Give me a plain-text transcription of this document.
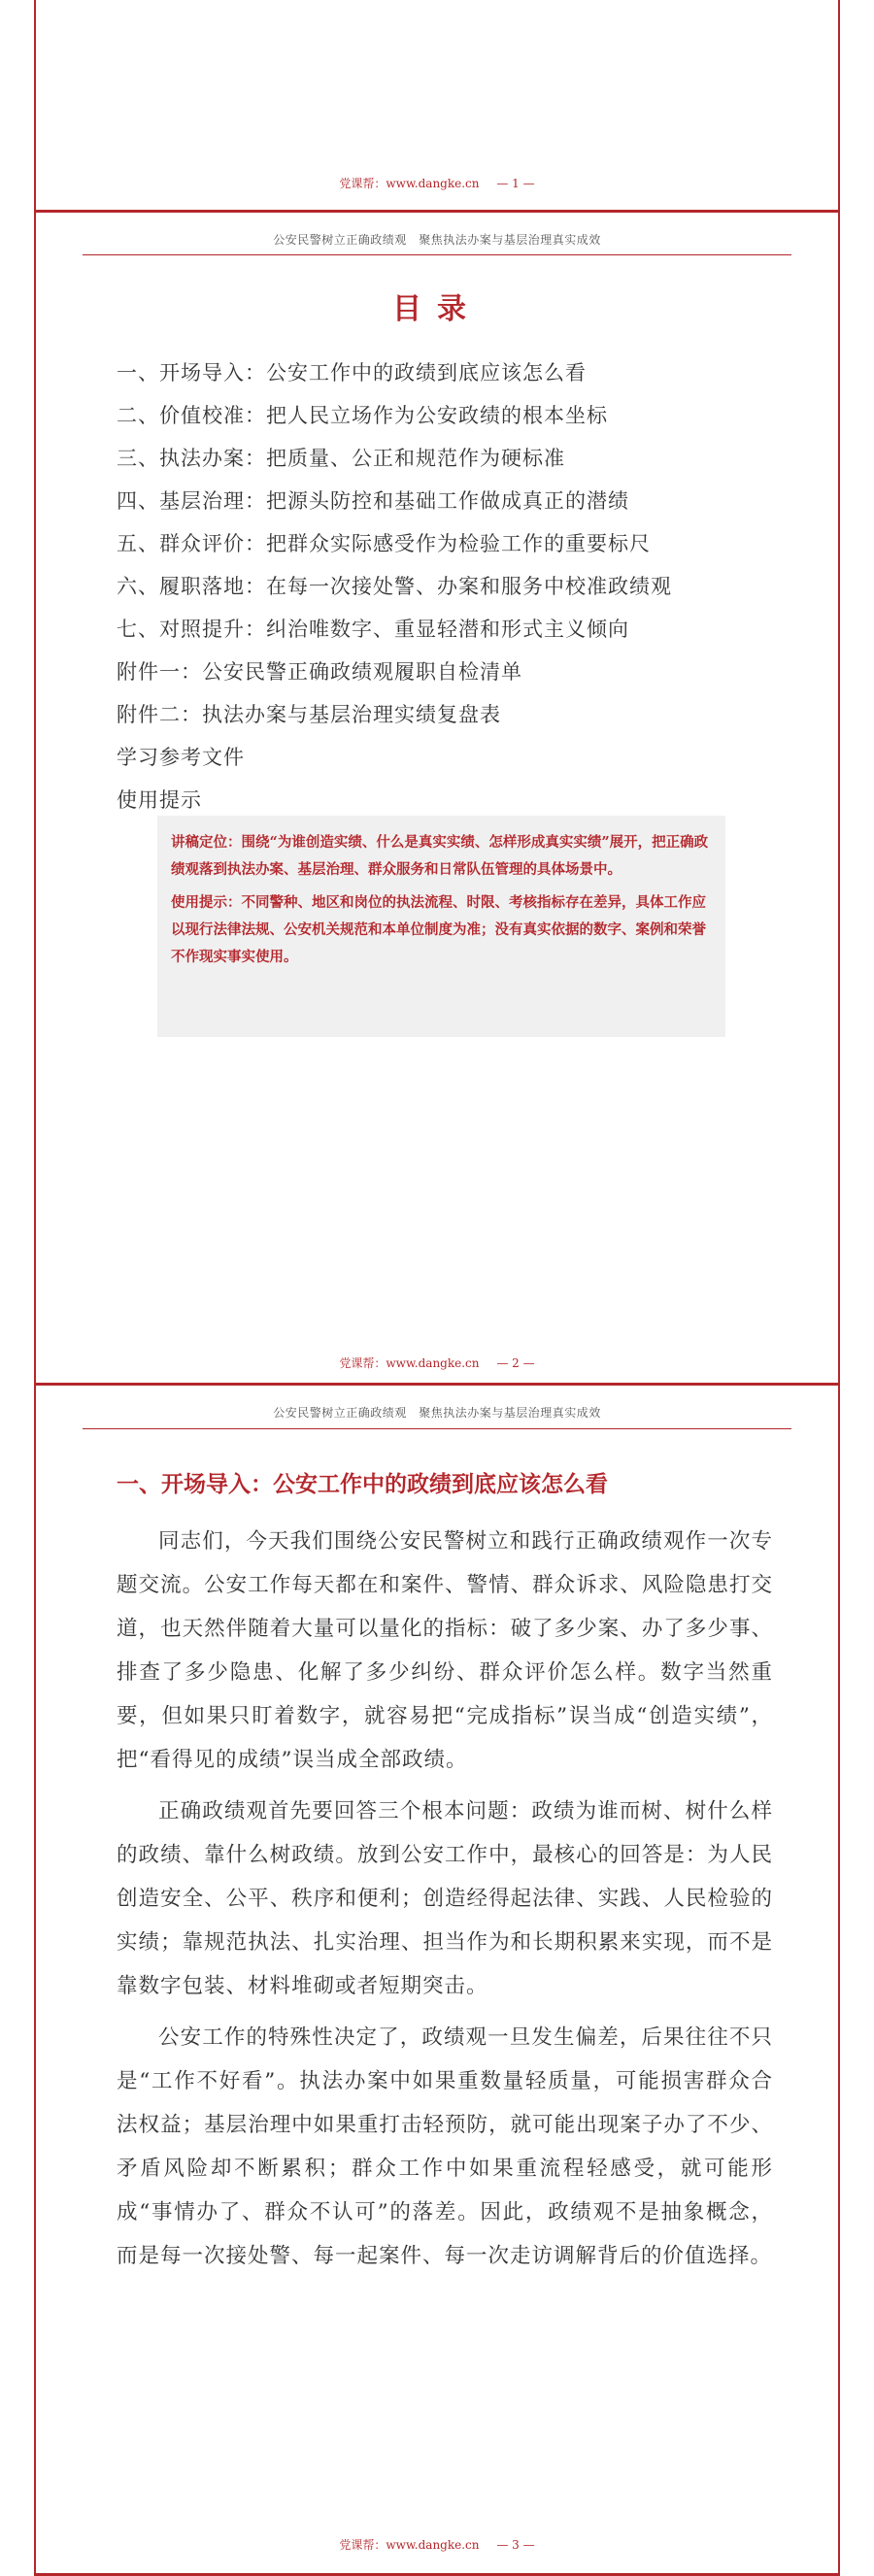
党课帮：www.dangke.cn — 1 —
公安民警树立正确政绩观　聚焦执法办案与基层治理真实成效
目录
一、开场导入：公安工作中的政绩到底应该怎么看
二、价值校准：把人民立场作为公安政绩的根本坐标
三、执法办案：把质量、公正和规范作为硬标准
四、基层治理：把源头防控和基础工作做成真正的潜绩
五、群众评价：把群众实际感受作为检验工作的重要标尺
六、履职落地：在每一次接处警、办案和服务中校准政绩观
七、对照提升：纠治唯数字、重显轻潜和形式主义倾向
附件一：公安民警正确政绩观履职自检清单
附件二：执法办案与基层治理实绩复盘表
学习参考文件
使用提示

讲稿定位：围绕“为谁创造实绩、什么是真实实绩、怎样形成真实实绩”展开，把正确政绩观落到执法办案、基层治理、群众服务和日常队伍管理的具体场景中。

使用提示：不同警种、地区和岗位的执法流程、时限、考核指标存在差异，具体工作应以现行法律法规、公安机关规范和本单位制度为准；没有真实依据的数字、案例和荣誉不作现实事实使用。

党课帮：www.dangke.cn — 2 —
公安民警树立正确政绩观　聚焦执法办案与基层治理真实成效
一、开场导入：公安工作中的政绩到底应该怎么看

同志们，今天我们围绕公安民警树立和践行正确政绩观作一次专题交流。公安工作每天都在和案件、警情、群众诉求、风险隐患打交道，也天然伴随着大量可以量化的指标：破了多少案、办了多少事、排查了多少隐患、化解了多少纠纷、群众评价怎么样。数字当然重要，但如果只盯着数字，就容易把“完成指标”误当成“创造实绩”，把“看得见的成绩”误当成全部政绩。

正确政绩观首先要回答三个根本问题：政绩为谁而树、树什么样的政绩、靠什么树政绩。放到公安工作中，最核心的回答是：为人民创造安全、公平、秩序和便利；创造经得起法律、实践、人民检验的实绩；靠规范执法、扎实治理、担当作为和长期积累来实现，而不是靠数字包装、材料堆砌或者短期突击。

公安工作的特殊性决定了，政绩观一旦发生偏差，后果往往不只是“工作不好看”。执法办案中如果重数量轻质量，可能损害群众合法权益；基层治理中如果重打击轻预防，就可能出现案子办了不少、矛盾风险却不断累积；群众工作中如果重流程轻感受，就可能形成“事情办了、群众不认可”的落差。因此，政绩观不是抽象概念，而是每一次接处警、每一起案件、每一次走访调解背后的价值选择。

党课帮：www.dangke.cn — 3 —
